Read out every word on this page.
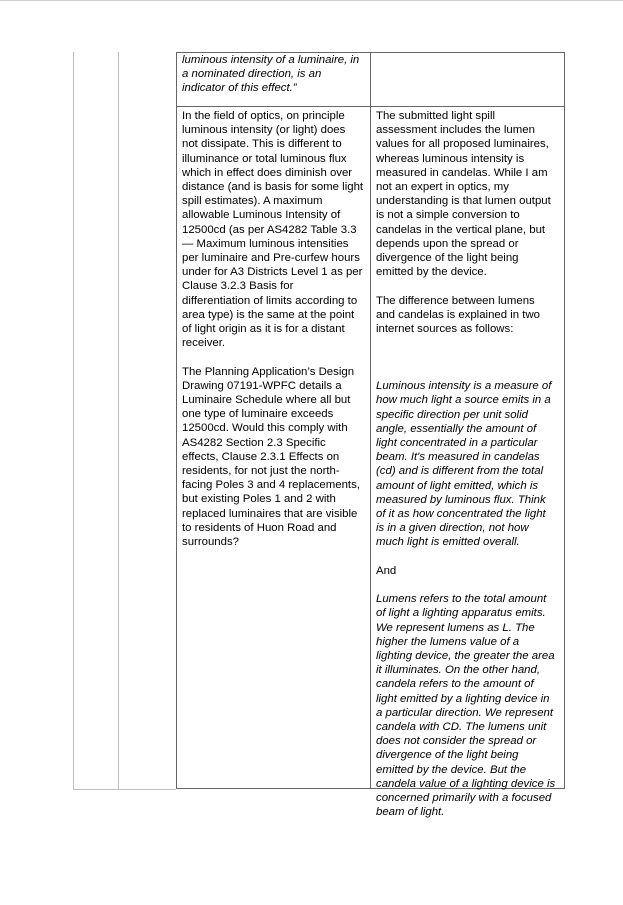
luminous intensity of a luminaire, in
a nominated direction, is an
indicator of this effect.”

In the field of optics, on principle
luminous intensity (or light) does
not dissipate. This is different to
illuminance or total luminous flux
which in effect does diminish over
distance (and is basis for some light
spill estimates). A maximum
allowable Luminous Intensity of
12500cd (as per AS4282 Table 3.3
— Maximum luminous intensities
per luminaire and Pre-curfew hours
under for A3 Districts Level 1 as per
Clause 3.2.3 Basis for
differentiation of limits according to
area type) is the same at the point
of light origin as it is for a distant
receiver.

The Planning Application’s Design
Drawing 07191-WPFC details a
Luminaire Schedule where all but
one type of luminaire exceeds
12500cd. Would this comply with
AS4282 Section 2.3 Specific
effects, Clause 2.3.1 Effects on
residents, for not just the north-
facing Poles 3 and 4 replacements,
but existing Poles 1 and 2 with
replaced luminaires that are visible
to residents of Huon Road and
surrounds?

The submitted light spill
assessment includes the lumen
values for all proposed luminaires,
whereas luminous intensity is
measured in candelas. While I am
not an expert in optics, my
understanding is that lumen output
is not a simple conversion to
candelas in the vertical plane, but
depends upon the spread or
divergence of the light being
emitted by the device.

The difference between lumens
and candelas is explained in two
internet sources as follows:

Luminous intensity is a measure of
how much light a source emits in a
specific direction per unit solid
angle, essentially the amount of
light concentrated in a particular
beam. It's measured in candelas
(cd) and is different from the total
amount of light emitted, which is
measured by luminous flux. Think
of it as how concentrated the light
is in a given direction, not how
much light is emitted overall.

And

Lumens refers to the total amount
of light a lighting apparatus emits.
We represent lumens as L. The
higher the lumens value of a
lighting device, the greater the area
it illuminates. On the other hand,
candela refers to the amount of
light emitted by a lighting device in
a particular direction. We represent
candela with CD. The lumens unit
does not consider the spread or
divergence of the light being
emitted by the device. But the
candela value of a lighting device is
concerned primarily with a focused
beam of light.
